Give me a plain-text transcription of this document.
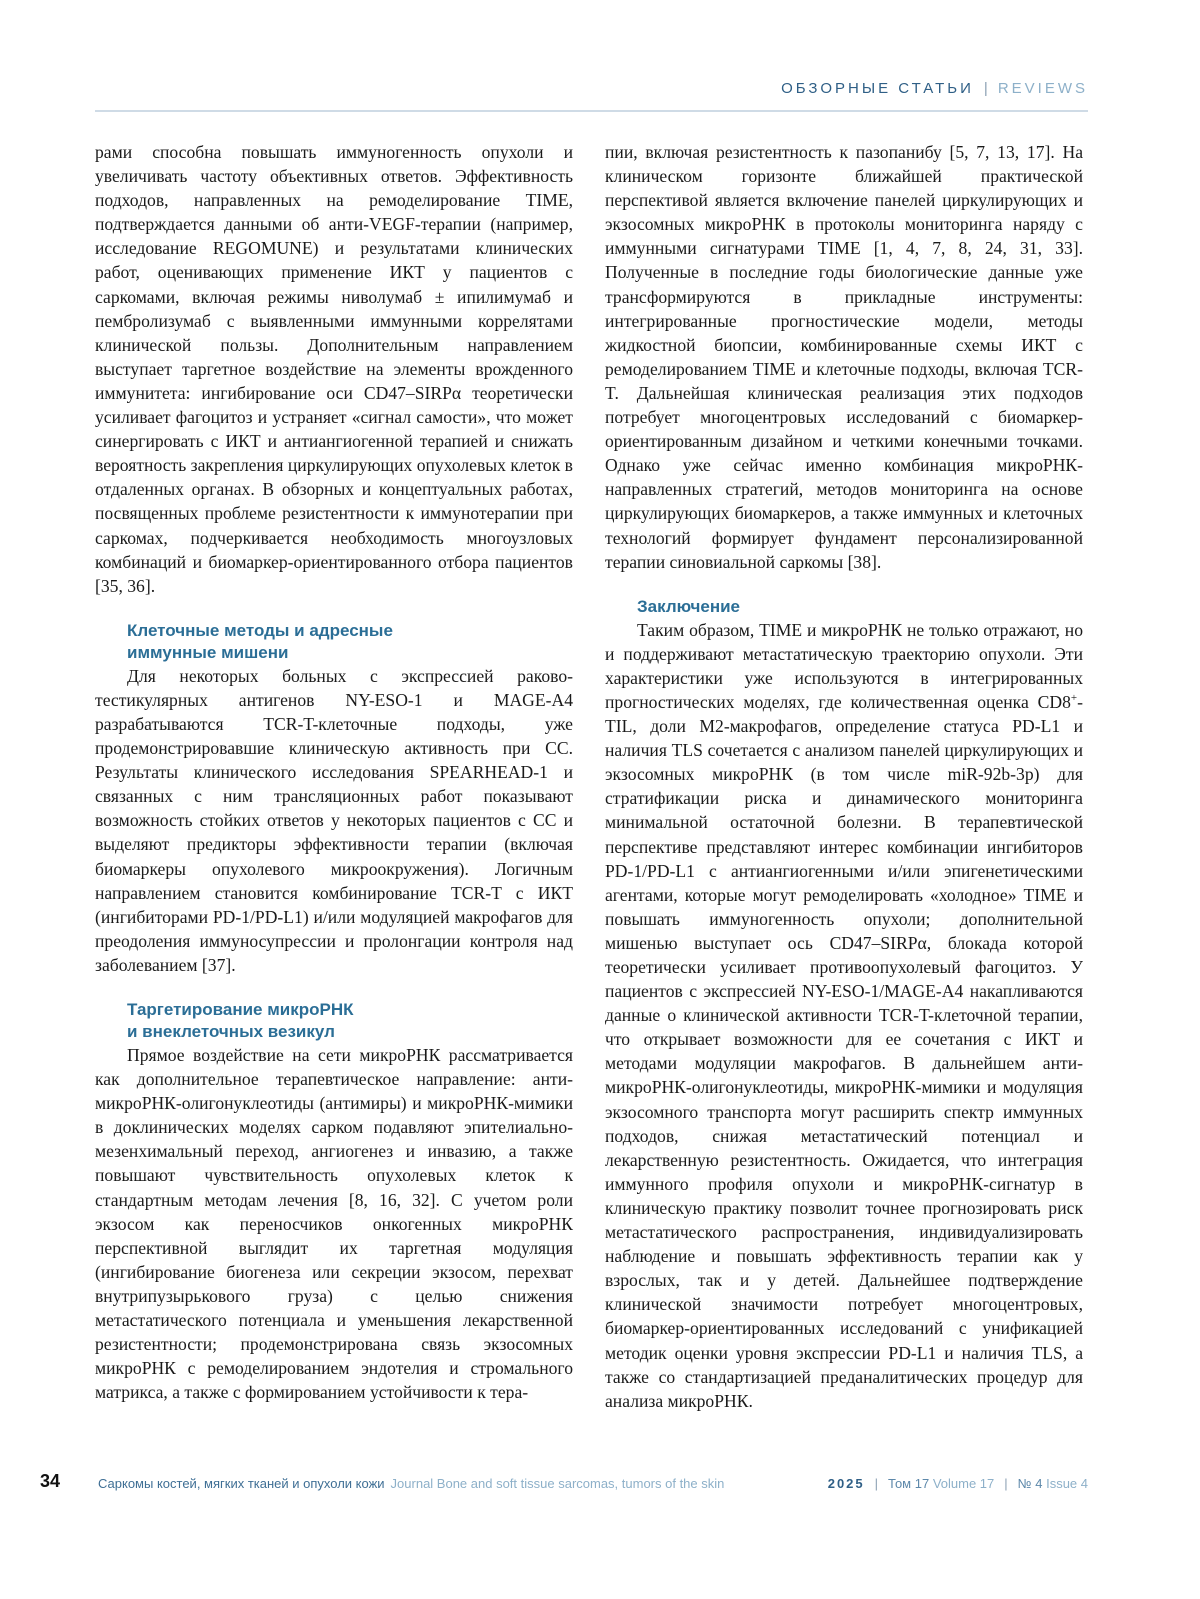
ОБЗОРНЫЕ СТАТЬИ | REVIEWS

рами способна повышать иммуногенность опухоли и увеличивать частоту объективных ответов. Эффективность подходов, направленных на ремоделирование TIME, подтверждается данными об анти-VEGF-терапии (например, исследование REGOMUNE) и результатами клинических работ, оценивающих применение ИКТ у пациентов с саркомами, включая режимы ниволумаб ± ипилимумаб и пембролизумаб с выявленными иммунными коррелятами клинической пользы. Дополнительным направлением выступает таргетное воздействие на элементы врожденного иммунитета: ингибирование оси CD47–SIRPα теоретически усиливает фагоцитоз и устраняет «сигнал самости», что может синергировать с ИКТ и антиангиогенной терапией и снижать вероятность закрепления циркулирующих опухолевых клеток в отдаленных органах. В обзорных и концептуальных работах, посвященных проблеме резистентности к иммунотерапии при саркомах, подчеркивается необходимость многоузловых комбинаций и биомаркер-ориентированного отбора пациентов [35, 36].

Клеточные методы и адресные
иммунные мишени

Для некоторых больных с экспрессией раково-тестикулярных антигенов NY-ESO-1 и MAGE-A4 разрабатываются TCR-T-клеточные подходы, уже продемонстрировавшие клиническую активность при СС. Результаты клинического исследования SPEARHEAD-1 и связанных с ним трансляционных работ показывают возможность стойких ответов у некоторых пациентов с СС и выделяют предикторы эффективности терапии (включая биомаркеры опухолевого микроокружения). Логичным направлением становится комбинирование TCR-T с ИКТ (ингибиторами PD-1/PD-L1) и/или модуляцией макрофагов для преодоления иммуносупрессии и пролонгации контроля над заболеванием [37].

Таргетирование микроРНК
и внеклеточных везикул

Прямое воздействие на сети микроРНК рассматривается как дополнительное терапевтическое направление: анти-микроРНК-олигонуклеотиды (антимиры) и микроРНК-мимики в доклинических моделях сарком подавляют эпителиально-мезенхимальный переход, ангиогенез и инвазию, а также повышают чувствительность опухолевых клеток к стандартным методам лечения [8, 16, 32]. С учетом роли экзосом как переносчиков онкогенных микроРНК перспективной выглядит их таргетная модуляция (ингибирование биогенеза или секреции экзосом, перехват внутрипузырькового груза) с целью снижения метастатического потенциала и уменьшения лекарственной резистентности; продемонстрирована связь экзосомных микроРНК с ремоделированием эндотелия и стромального матрикса, а также с формированием устойчивости к тера-

пии, включая резистентность к пазопанибу [5, 7, 13, 17]. На клиническом горизонте ближайшей практической перспективой является включение панелей циркулирующих и экзосомных микроРНК в протоколы мониторинга наряду с иммунными сигнатурами TIME [1, 4, 7, 8, 24, 31, 33]. Полученные в последние годы биологические данные уже трансформируются в прикладные инструменты: интегрированные прогностические модели, методы жидкостной биопсии, комбинированные схемы ИКТ с ремоделированием TIME и клеточные подходы, включая TCR-T. Дальнейшая клиническая реализация этих подходов потребует многоцентровых исследований с биомаркер-ориентированным дизайном и четкими конечными точками. Однако уже сейчас именно комбинация микроРНК-направленных стратегий, методов мониторинга на основе циркулирующих биомаркеров, а также иммунных и клеточных технологий формирует фундамент персонализированной терапии синовиальной саркомы [38].

Заключение

Таким образом, TIME и микроРНК не только отражают, но и поддерживают метастатическую траекторию опухоли. Эти характеристики уже используются в интегрированных прогностических моделях, где количественная оценка CD8+-TIL, доли M2-макрофагов, определение статуса PD-L1 и наличия TLS сочетается с анализом панелей циркулирующих и экзосомных микроРНК (в том числе miR-92b-3p) для стратификации риска и динамического мониторинга минимальной остаточной болезни. В терапевтической перспективе представляют интерес комбинации ингибиторов PD-1/PD-L1 с антиангиогенными и/или эпигенетическими агентами, которые могут ремоделировать «холодное» TIME и повышать иммуногенность опухоли; дополнительной мишенью выступает ось CD47–SIRPα, блокада которой теоретически усиливает противоопухолевый фагоцитоз. У пациентов с экспрессией NY-ESO-1/MAGE-A4 накапливаются данные о клинической активности TCR-T-клеточной терапии, что открывает возможности для ее сочетания с ИКТ и методами модуляции макрофагов. В дальнейшем анти-микроРНК-олигонуклеотиды, микроРНК-мимики и модуляция экзосомного транспорта могут расширить спектр иммунных подходов, снижая метастатический потенциал и лекарственную резистентность. Ожидается, что интеграция иммунного профиля опухоли и микроРНК-сигнатур в клиническую практику позволит точнее прогнозировать риск метастатического распространения, индивидуализировать наблюдение и повышать эффективность терапии как у взрослых, так и у детей. Дальнейшее подтверждение клинической значимости потребует многоцентровых, биомаркер-ориентированных исследований с унификацией методик оценки уровня экспрессии PD-L1 и наличия TLS, а также со стандартизацией преданалитических процедур для анализа микроРНК.

34	Саркомы костей, мягких тканей и опухоли кожи Journal Bone and soft tissue sarcomas, tumors of the skin	2025 | Том 17 Volume 17 | № 4 Issue 4
